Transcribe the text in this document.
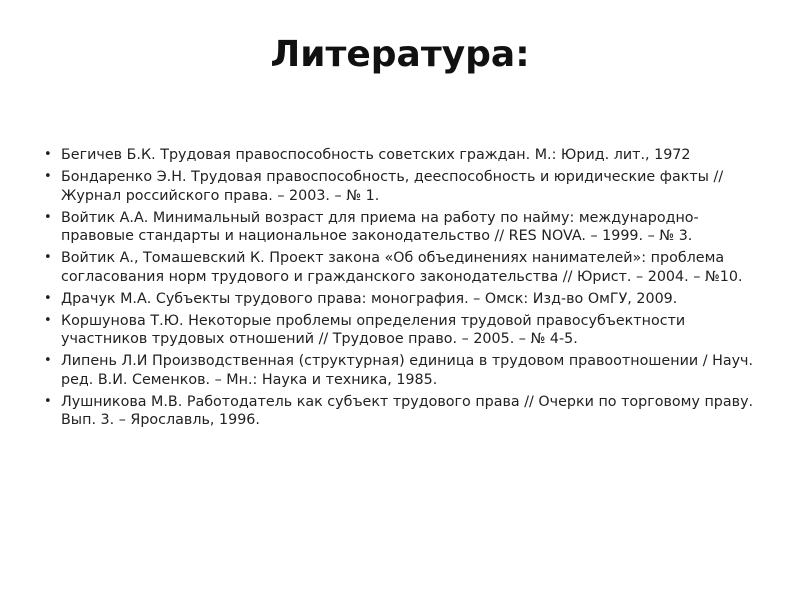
Литература:
• Бегичев Б.К. Трудовая правоспособность советских граждан. М.: Юрид. лит., 1972
• Бондаренко Э.Н. Трудовая правоспособность, дееспособность и юридические факты // Журнал российского права. – 2003. – № 1.
• Войтик А.А. Минимальный возраст для приема на работу по найму: международно-правовые стандарты и национальное законодательство // RES NOVA. – 1999. – № 3.
• Войтик А., Томашевский К. Проект закона «Об объединениях нанимателей»: проблема согласования норм трудового и гражданского законодательства // Юрист. – 2004. – №10.
• Драчук М.А. Субъекты трудового права: монография. – Омск: Изд-во ОмГУ, 2009.
• Коршунова Т.Ю. Некоторые проблемы определения трудовой правосубъектности участников трудовых отношений // Трудовое право. – 2005. – № 4-5.
• Липень Л.И Производственная (структурная) единица в трудовом правоотношении / Науч. ред. В.И. Семенков. – Мн.: Наука и техника, 1985.
• Лушникова М.В. Работодатель как субъект трудового права // Очерки по торговому праву. Вып. 3. – Ярославль, 1996.
